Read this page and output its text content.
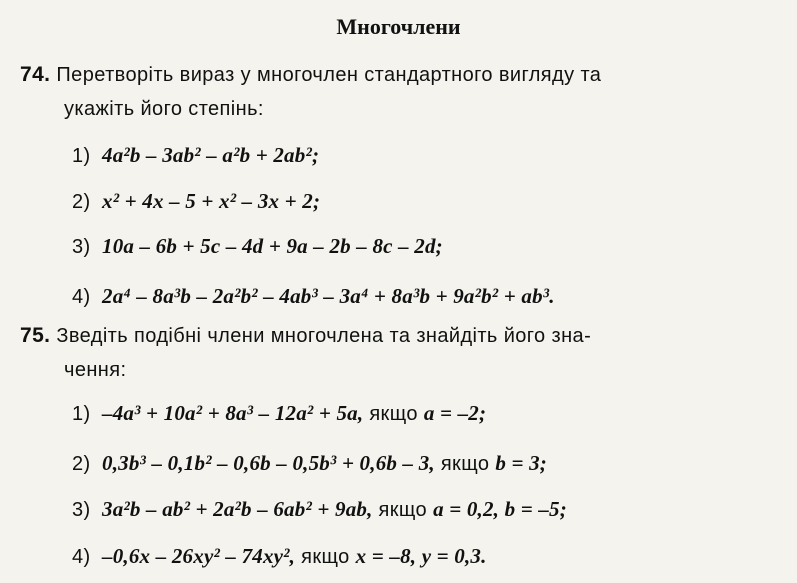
Многочлени
74. Перетворіть вираз у многочлен стандартного вигляду та
укажіть його степінь:
1) 4a²b – 3ab² – a²b + 2ab²;
2) x² + 4x – 5 + x² – 3x + 2;
3) 10a – 6b + 5c – 4d + 9a – 2b – 8c – 2d;
4) 2a⁴ – 8a³b – 2a²b² – 4ab³ – 3a⁴ + 8a³b + 9a²b² + ab³.
75. Зведіть подібні члени многочлена та знайдіть його зна-
чення:
1) –4a³ + 10a² + 8a³ – 12a² + 5a, якщо a = –2;
2) 0,3b³ – 0,1b² – 0,6b – 0,5b³ + 0,6b – 3, якщо b = 3;
3) 3a²b – ab² + 2a²b – 6ab² + 9ab, якщо a = 0,2, b = –5;
4) –0,6x – 26xy² – 74xy², якщо x = –8, y = 0,3.
